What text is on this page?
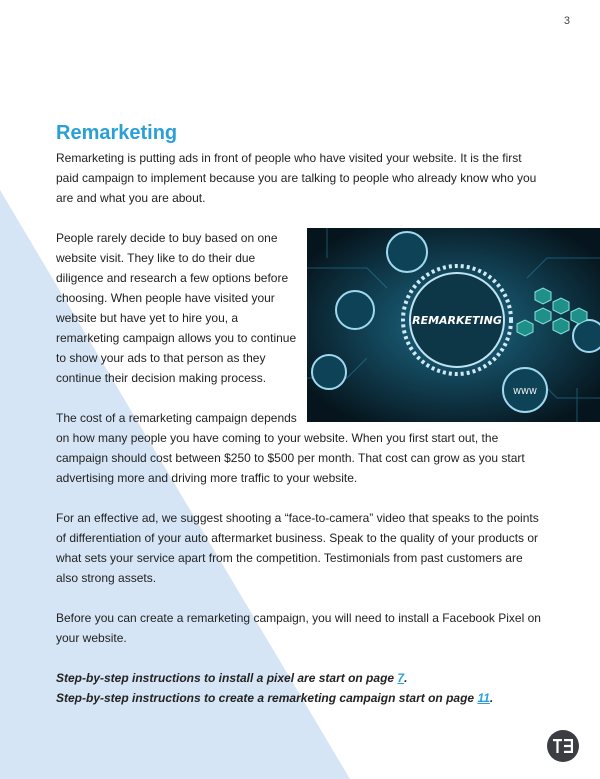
3
Remarketing

Remarketing is putting ads in front of people who have visited your website. It is the first paid campaign to implement because you are talking to people who already know who you are and what you are about.

REMARKETING
WWW

People rarely decide to buy based on one website visit. They like to do their due diligence and research a few options before choosing. When people have visited your website but have yet to hire you, a remarketing campaign allows you to continue to show your ads to that person as they continue their decision making process.

The cost of a remarketing campaign depends on how many people you have coming to your website. When you first start out, the campaign should cost between $250 to $500 per month. That cost can grow as you start advertising more and driving more traffic to your website.

For an effective ad, we suggest shooting a “face-to-camera” video that speaks to the points of differentiation of your auto aftermarket business. Speak to the quality of your products or what sets your service apart from the competition. Testimonials from past customers are also strong assets.

Before you can create a remarketing campaign, you will need to install a Facebook Pixel on your website.

Step-by-step instructions to install a pixel are start on page 7.

Step-by-step instructions to create a remarketing campaign start on page 11.
